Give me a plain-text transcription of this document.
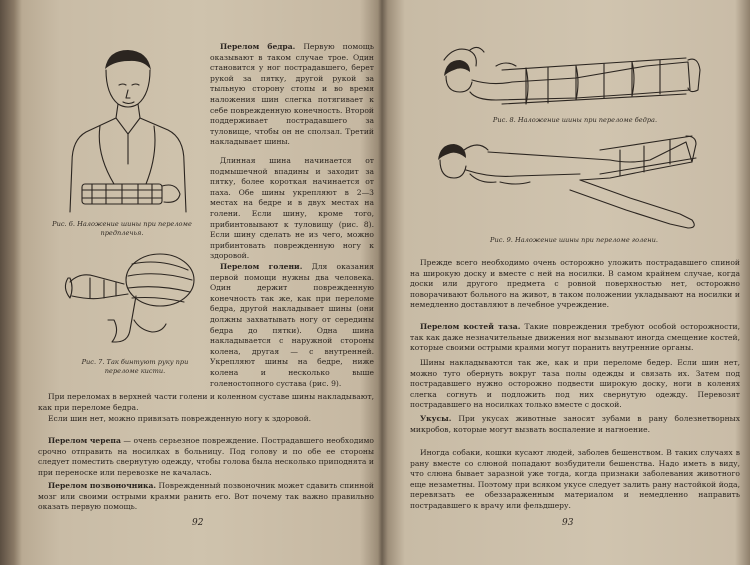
Рис. 6. Наложение шины при переломе предплечья.

Рис. 7. Так бинтуют руку при переломе кисти.

Перелом бедра. Первую помощь оказывают в таком случае трое. Один становится у ног пострадавшего, берет рукой за пятку, другой рукой за тыльную сторону стопы и во время наложения шин слегка потягивает к себе поврежденную конечность. Второй поддерживает пострадавшего за туловище, чтобы он не сползал. Третий накладывает шины.

Длинная шина начинается от подмышечной впадины и заходит за пятку, более короткая начинается от паха. Обе шины укрепляют в 2—3 местах на бедре и в двух местах на голени. Если шину, кроме того, прибинтовывают к туловищу (рис. 8). Если шину сделать не из чего, можно прибинтовать поврежденную ногу к здоровой.

Перелом голени. Для оказания первой помощи нужны два человека. Один держит поврежденную конечность так же, как при переломе бедра, другой накладывает шины (они должны захватывать ногу от середины бедра до пятки). Одна шина накладывается с наружной стороны колена, другая — с внутренней. Укрепляют шины на бедре, ниже колена и несколько выше голеностопного сустава (рис. 9).

При переломах в верхней части голени и коленном суставе шины накладывают, как при переломе бедра.

Если шин нет, можно привязать поврежденную ногу к здоровой.

Перелом черепа — очень серьезное повреждение. Пострадавшего необходимо срочно отправить на носилках в больницу. Под голову и по обе ее стороны следует поместить свернутую одежду, чтобы голова была несколько приподнята и при переноске или перевозке не качалась.
Перелом позвоночника. Поврежденный позвоночник может сдавить спинной мозг или своими острыми краями ранить его. Вот почему так важно правильно оказать первую помощь.
92

Рис. 8. Наложение шины при переломе бедра.

Рис. 9. Наложение шины при переломе голени.

Прежде всего необходимо очень осторожно уложить пострадавшего спиной на широкую доску и вместе с ней на носилки. В самом крайнем случае, когда доски или другого предмета с ровной поверхностью нет, осторожно поворачивают больного на живот, в таком положении укладывают на носилки и немедленно доставляют в лечебное учреждение.

Перелом костей таза. Такие повреждения требуют особой осторожности, так как даже незначительные движения ног вызывают иногда смещение костей, которые своими острыми краями могут поранить внутренние органы.

Шины накладываются так же, как и при переломе бедер. Если шин нет, можно туго обернуть вокруг таза полы одежды и связать их. Затем под пострадавшего нужно осторожно подвести широкую доску, ноги в коленях слегка согнуть и подложить под них свернутую одежду. Перевозят пострадавшего на носилках только вместе с доской.

Укусы. При укусах животные заносят зубами в рану болезнетворных микробов, которые могут вызвать воспаление и нагноение.

Иногда собаки, кошки кусают людей, заболев бешенством. В таких случаях в рану вместе со слюной попадают возбудители бешенства. Надо иметь в виду, что слюна бывает заразной уже тогда, когда признаки заболевания животного еще незаметны. Поэтому при всяком укусе следует залить рану настойкой йода, перевязать ее обеззараженным материалом и немедленно направить пострадавшего к врачу или фельдшеру.

93
